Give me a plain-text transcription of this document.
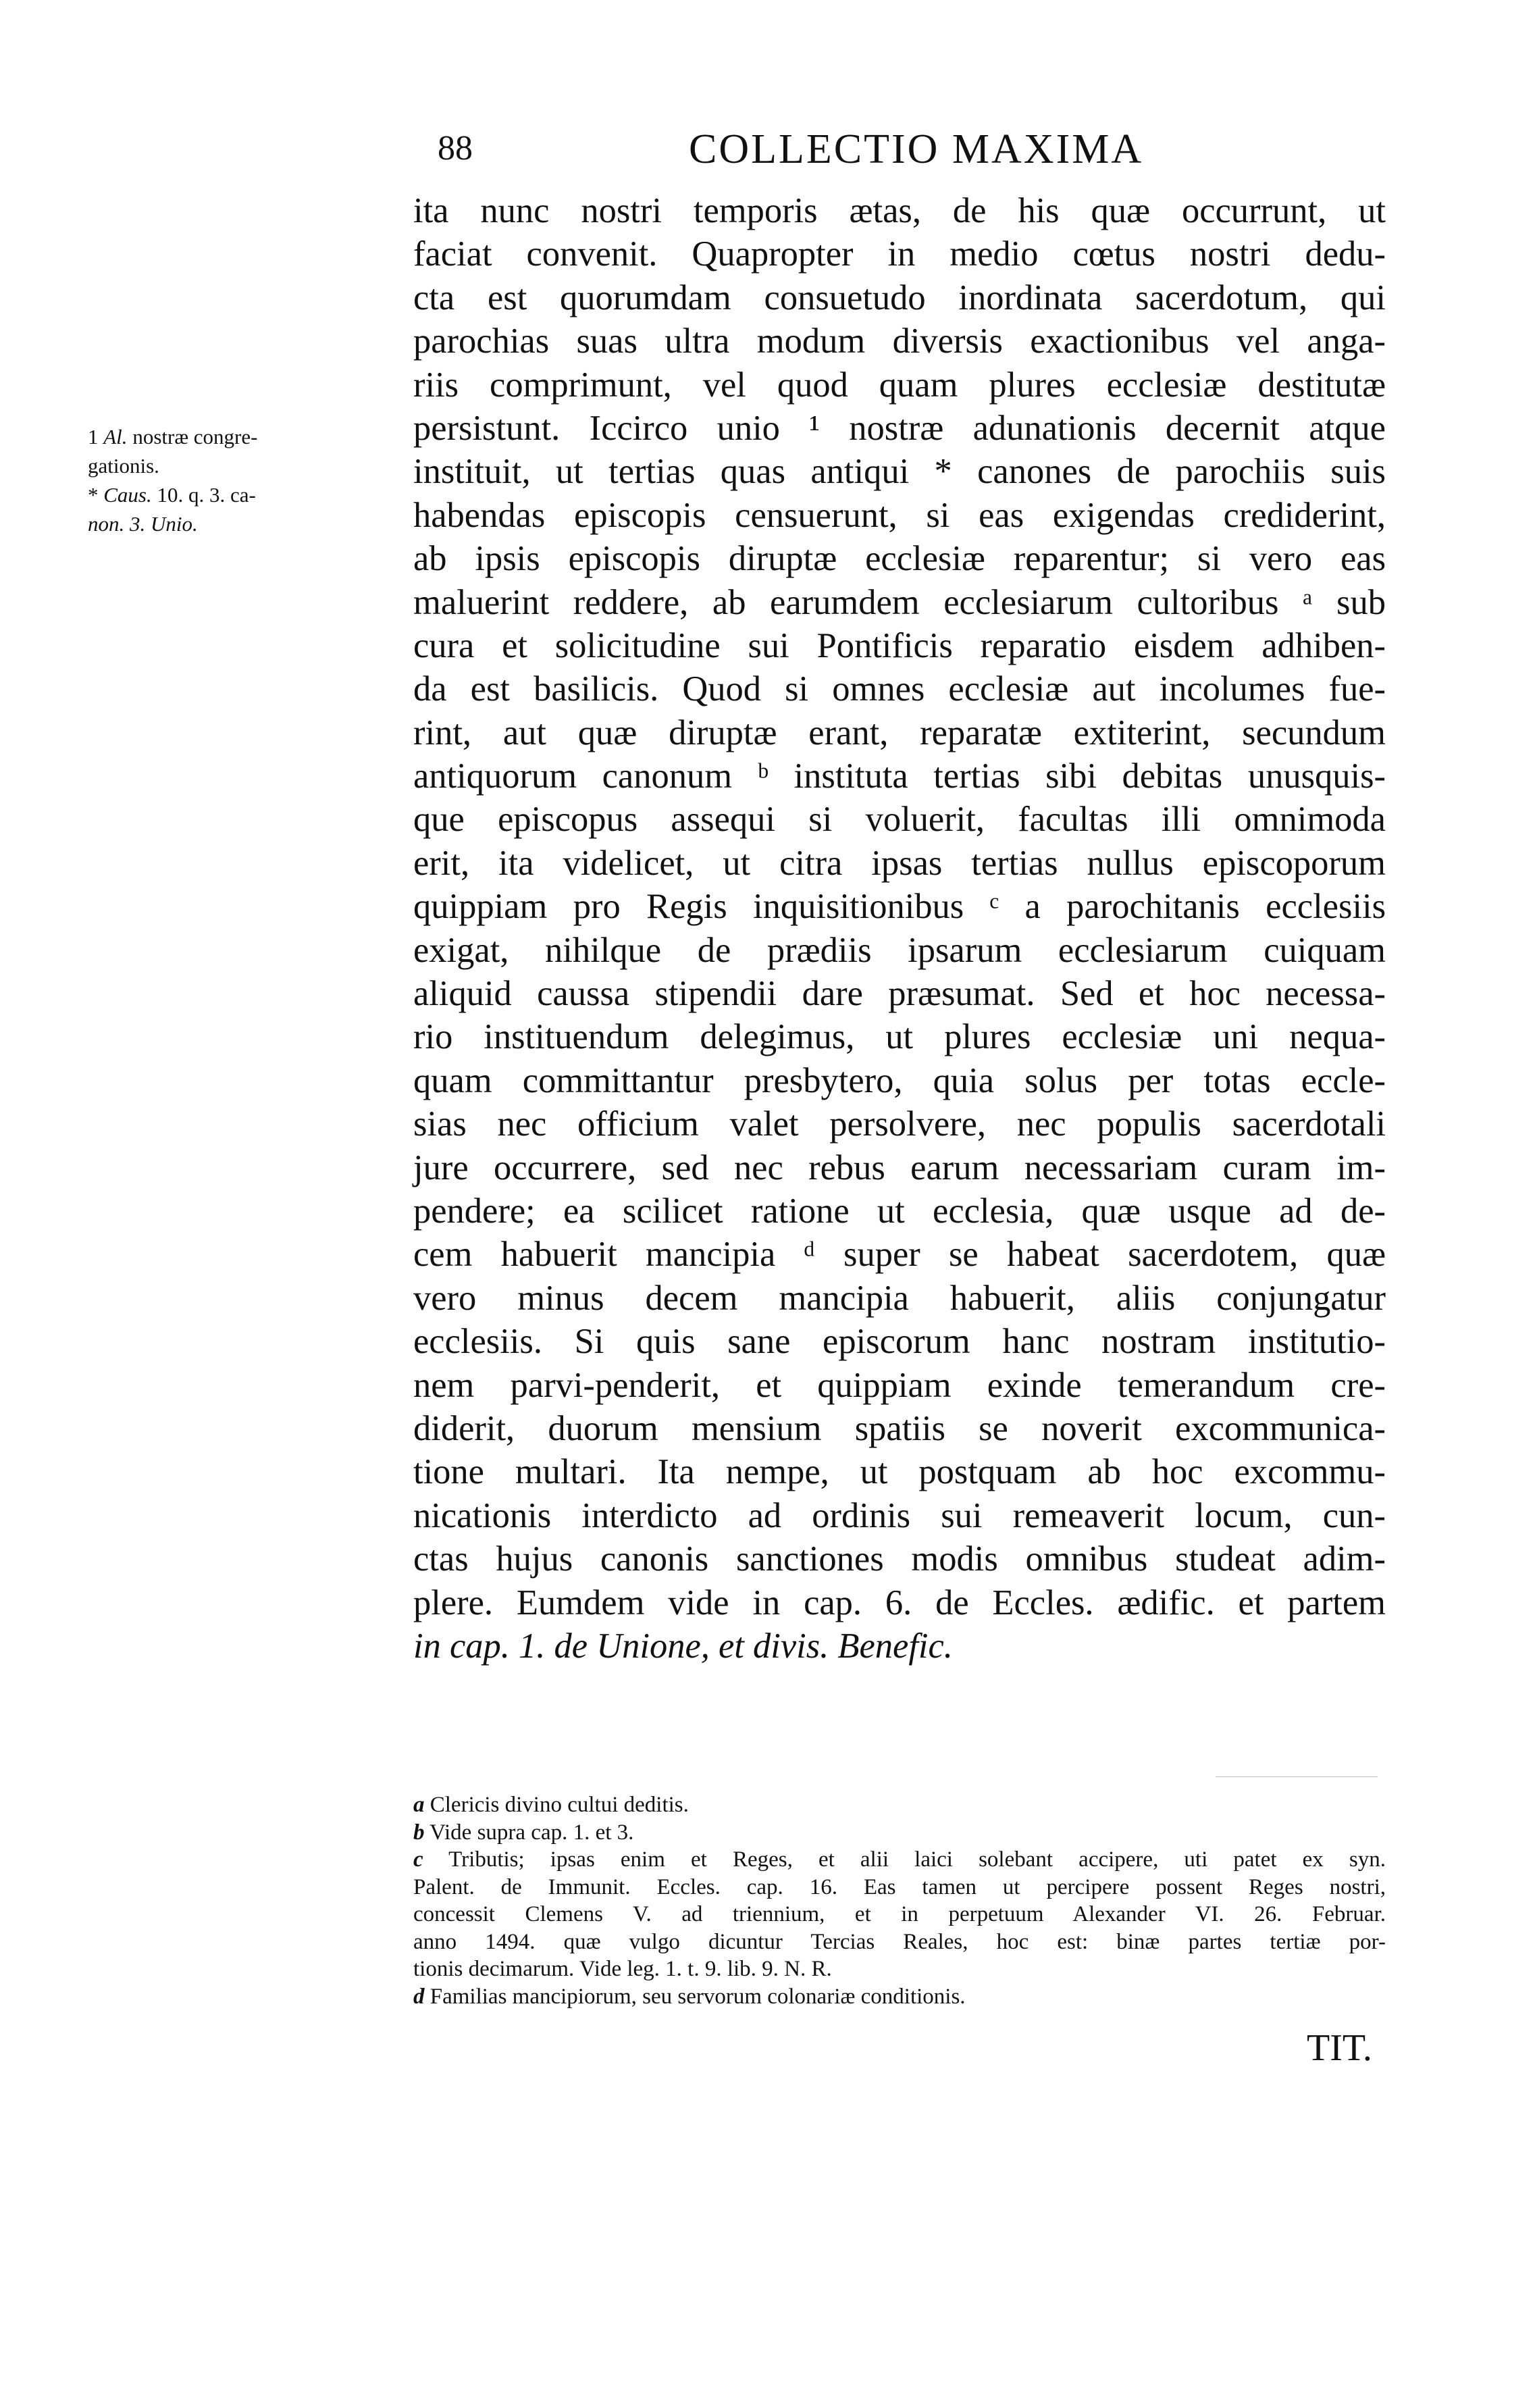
88	COLLECTIO MAXIMA
1 Al. nostræ congre-
gationis.
* Caus. 10. q. 3. ca-
non. 3. Unio.
ita nunc nostri temporis ætas, de his quæ occurrunt, ut
faciat convenit. Quapropter in medio cœtus nostri dedu-
cta est quorumdam consuetudo inordinata sacerdotum, qui
parochias suas ultra modum diversis exactionibus vel anga-
riis comprimunt, vel quod quam plures ecclesiæ destitutæ
persistunt. Iccirco unio ¹ nostræ adunationis decernit atque
instituit, ut tertias quas antiqui * canones de parochiis suis
habendas episcopis censuerunt, si eas exigendas crediderint,
ab ipsis episcopis diruptæ ecclesiæ reparentur; si vero eas
maluerint reddere, ab earumdem ecclesiarum cultoribus ᵃ sub
cura et solicitudine sui Pontificis reparatio eisdem adhiben-
da est basilicis. Quod si omnes ecclesiæ aut incolumes fue-
rint, aut quæ diruptæ erant, reparatæ extiterint, secundum
antiquorum canonum ᵇ instituta tertias sibi debitas unusquis-
que episcopus assequi si voluerit, facultas illi omnimoda
erit, ita videlicet, ut citra ipsas tertias nullus episcoporum
quippiam pro Regis inquisitionibus ᶜ a parochitanis ecclesiis
exigat, nihilque de prædiis ipsarum ecclesiarum cuiquam
aliquid caussa stipendii dare præsumat. Sed et hoc necessa-
rio instituendum delegimus, ut plures ecclesiæ uni nequa-
quam committantur presbytero, quia solus per totas eccle-
sias nec officium valet persolvere, nec populis sacerdotali
jure occurrere, sed nec rebus earum necessariam curam im-
pendere; ea scilicet ratione ut ecclesia, quæ usque ad de-
cem habuerit mancipia ᵈ super se habeat sacerdotem, quæ
vero minus decem mancipia habuerit, aliis conjungatur
ecclesiis. Si quis sane episcorum hanc nostram institutio-
nem parvi-penderit, et quippiam exinde temerandum cre-
diderit, duorum mensium spatiis se noverit excommunica-
tione multari. Ita nempe, ut postquam ab hoc excommu-
nicationis interdicto ad ordinis sui remeaverit locum, cun-
ctas hujus canonis sanctiones modis omnibus studeat adim-
plere. Eumdem vide in cap. 6. de Eccles. ædific. et partem
in cap. 1. de Unione, et divis. Benefic.
a Clericis divino cultui deditis.
b Vide supra cap. 1. et 3.
c Tributis; ipsas enim et Reges, et alii laici solebant accipere, uti patet ex syn.
Palent. de Immunit. Eccles. cap. 16. Eas tamen ut percipere possent Reges nostri,
concessit Clemens V. ad triennium, et in perpetuum Alexander VI. 26. Februar.
anno 1494. quæ vulgo dicuntur Tercias Reales, hoc est: binæ partes tertiæ por-
tionis decimarum. Vide leg. 1. t. 9. lib. 9. N. R.
d Familias mancipiorum, seu servorum colonariæ conditionis.
TIT.
